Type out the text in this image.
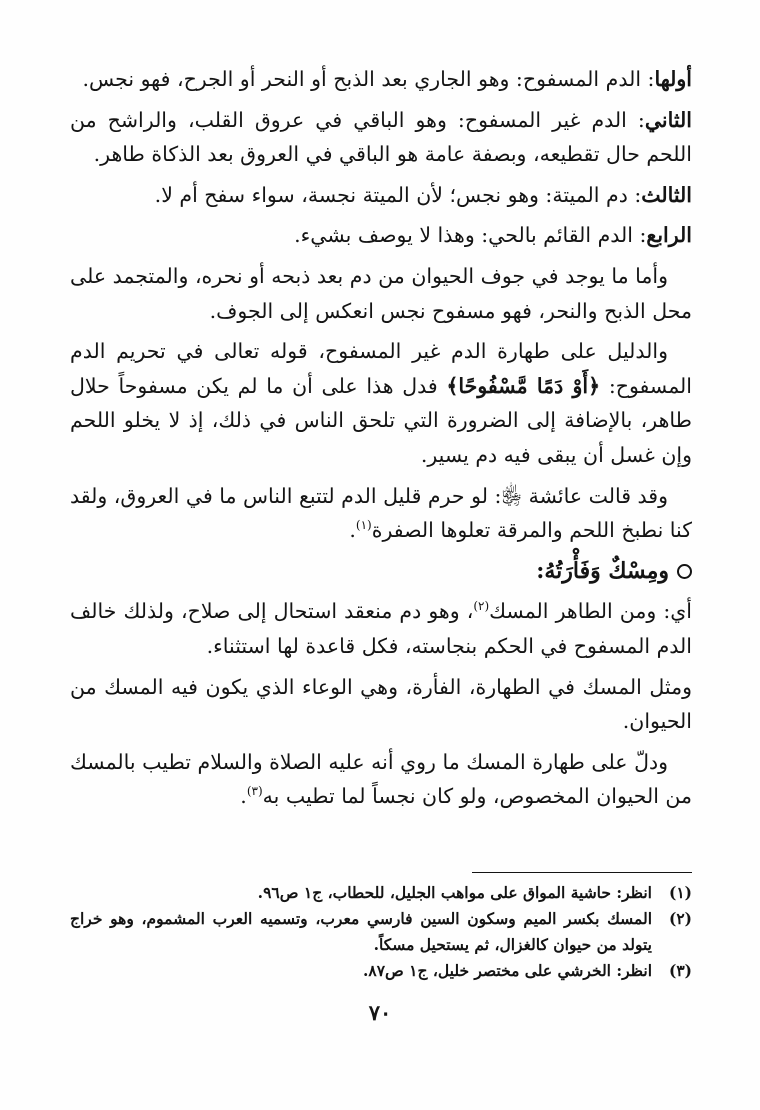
أولها: الدم المسفوح: وهو الجاري بعد الذبح أو النحر أو الجرح، فهو نجس.

الثاني: الدم غير المسفوح: وهو الباقي في عروق القلب، والراشح من اللحم حال تقطيعه، وبصفة عامة هو الباقي في العروق بعد الذكاة طاهر.

الثالث: دم الميتة: وهو نجس؛ لأن الميتة نجسة، سواء سفح أم لا.

الرابع: الدم القائم بالحي: وهذا لا يوصف بشيء.

وأما ما يوجد في جوف الحيوان من دم بعد ذبحه أو نحره، والمتجمد على محل الذبح والنحر، فهو مسفوح نجس انعكس إلى الجوف.

والدليل على طهارة الدم غير المسفوح، قوله تعالى في تحريم الدم المسفوح: ﴿أَوْ دَمًا مَّسْفُوحًا﴾ فدل هذا على أن ما لم يكن مسفوحاً حلال طاهر، بالإضافة إلى الضرورة التي تلحق الناس في ذلك، إذ لا يخلو اللحم وإن غسل أن يبقى فيه دم يسير.

وقد قالت عائشة ﵂: لو حرم قليل الدم لتتبع الناس ما في العروق، ولقد كنا نطبخ اللحم والمرقة تعلوها الصفرة$^{(١)}$.

ومِسْكٌ وَفَأْرَتُهُ:

أي: ومن الطاهر المسك$^{(٢)}$، وهو دم منعقد استحال إلى صلاح، ولذلك خالف الدم المسفوح في الحكم بنجاسته، فكل قاعدة لها استثناء.

ومثل المسك في الطهارة، الفأرة، وهي الوعاء الذي يكون فيه المسك من الحيوان.

ودلّ على طهارة المسك ما روي أنه عليه الصلاة والسلام تطيب بالمسك من الحيوان المخصوص، ولو كان نجساً لما تطيب به$^{(٣)}$.

(١)
انظر: حاشية المواق على مواهب الجليل، للحطاب، ج١ ص٩٦.

(٢)
المسك بكسر الميم وسكون السين فارسي معرب، وتسميه العرب المشموم، وهو خراج يتولد من حيوان كالغزال، ثم يستحيل مسكاً.

(٣)
انظر: الخرشي على مختصر خليل، ج١ ص٨٧.

٧٠
